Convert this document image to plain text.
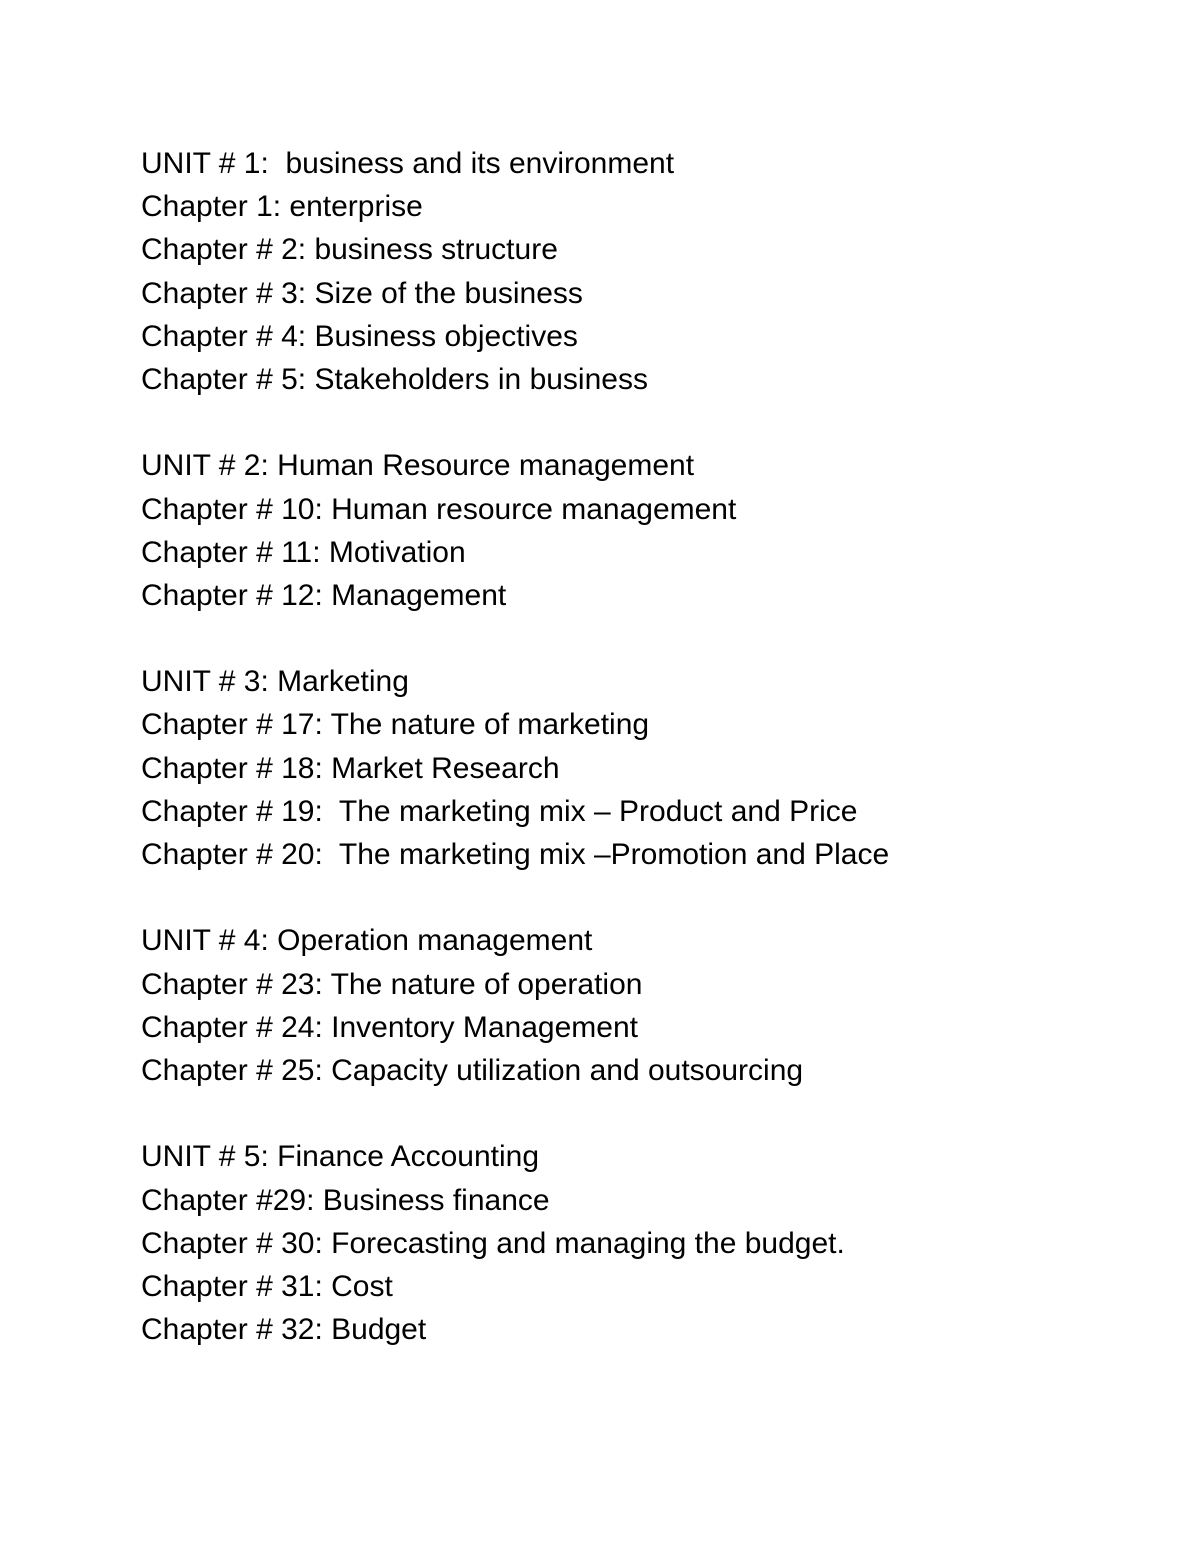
UNIT # 1:  business and its environment
Chapter 1: enterprise
Chapter # 2: business structure
Chapter # 3: Size of the business
Chapter # 4: Business objectives
Chapter # 5: Stakeholders in business
UNIT # 2: Human Resource management
Chapter # 10: Human resource management
Chapter # 11: Motivation
Chapter # 12: Management
UNIT # 3: Marketing
Chapter # 17: The nature of marketing
Chapter # 18: Market Research
Chapter # 19:  The marketing mix – Product and Price
Chapter # 20:  The marketing mix –Promotion and Place
UNIT # 4: Operation management
Chapter # 23: The nature of operation
Chapter # 24: Inventory Management
Chapter # 25: Capacity utilization and outsourcing
UNIT # 5: Finance Accounting
Chapter #29: Business finance
Chapter # 30: Forecasting and managing the budget.
Chapter # 31: Cost
Chapter # 32: Budget
